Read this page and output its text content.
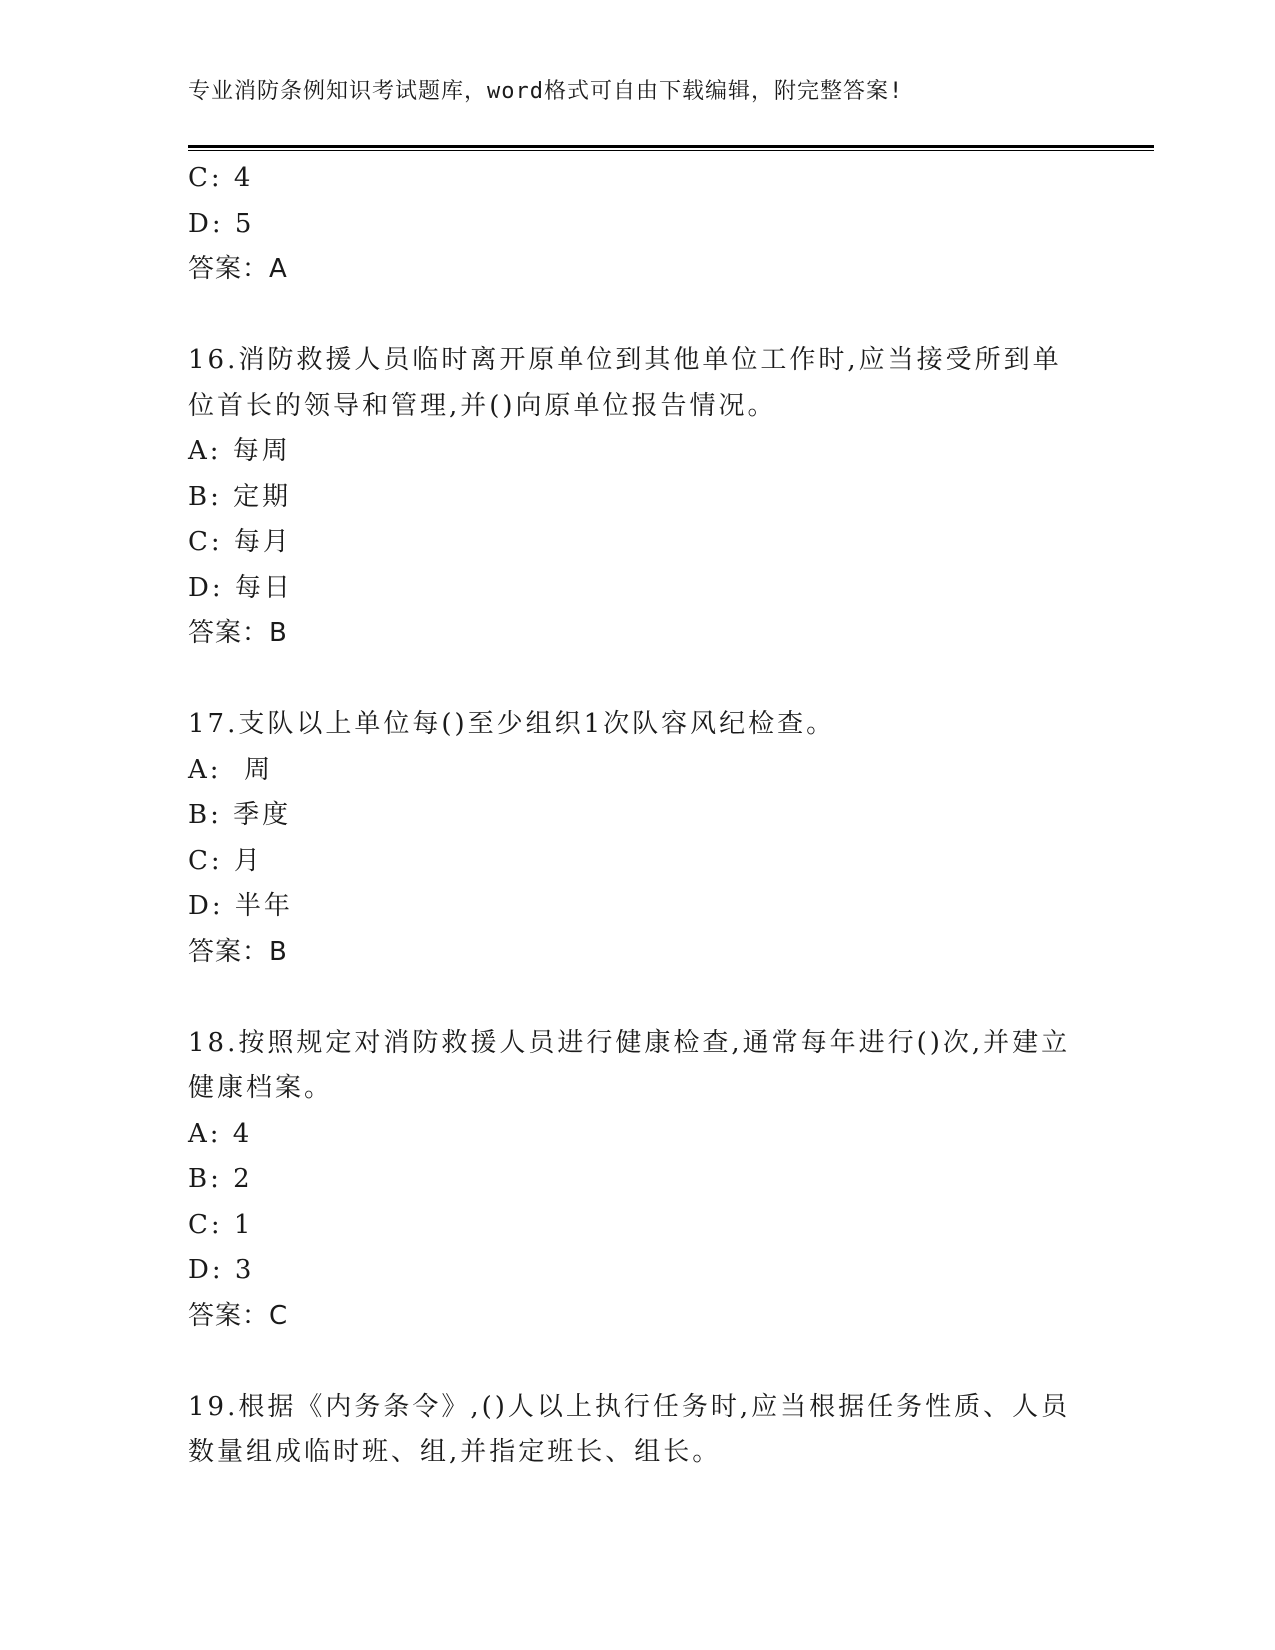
专业消防条例知识考试题库，word格式可自由下载编辑，附完整答案!
C: 4
D: 5
答案：A
16.消防救援人员临时离开原单位到其他单位工作时,应当接受所到单
位首长的领导和管理,并()向原单位报告情况。
A: 每周
B: 定期
C: 每月
D: 每日
答案：B
17.支队以上单位每()至少组织1次队容风纪检查。
A:  周
B: 季度
C: 月
D: 半年
答案：B
18.按照规定对消防救援人员进行健康检查,通常每年进行()次,并建立
健康档案。
A: 4
B: 2
C: 1
D: 3
答案：C
19.根据《内务条令》,()人以上执行任务时,应当根据任务性质、人员
数量组成临时班、组,并指定班长、组长。
